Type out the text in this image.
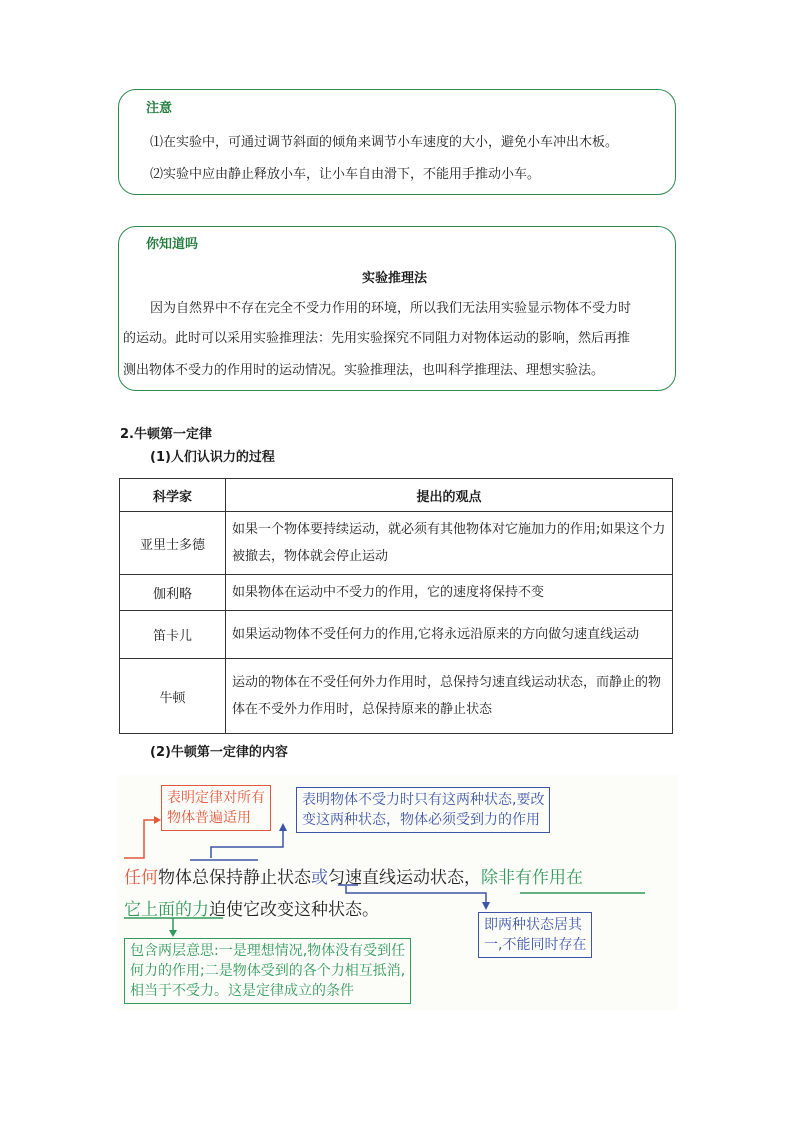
注意
⑴在实验中，可通过调节斜面的倾角来调节小车速度的大小，避免小车冲出木板。
⑵实验中应由静止释放小车，让小车自由滑下，不能用手推动小车。
你知道吗
实验推理法
因为自然界中不存在完全不受力作用的环境，所以我们无法用实验显示物体不受力时
的运动。此时可以采用实验推理法：先用实验探究不同阻力对物体运动的影响，然后再推
测出物体不受力的作用时的运动情况。实验推理法，也叫科学推理法、理想实验法。
2.牛顿第一定律
(1)人们认识力的过程
科学家	提出的观点
亚里士多德	如果一个物体要持续运动，就必须有其他物体对它施加力的作用;如果这个力被撤去，物体就会停止运动
伽利略	如果物体在运动中不受力的作用，它的速度将保持不变
笛卡儿	如果运动物体不受任何力的作用,它将永远沿原来的方向做匀速直线运动
牛顿	运动的物体在不受任何外力作用时，总保持匀速直线运动状态，而静止的物体在不受外力作用时，总保持原来的静止状态
(2)牛顿第一定律的内容
表明定律对所有
物体普遍适用
表明物体不受力时只有这两种状态,要改
变这两种状态，物体必须受到力的作用
任何物体总保持静止状态或匀速直线运动状态，除非有作用在
它上面的力迫使它改变这种状态。
即两种状态居其
一,不能同时存在
包含两层意思:一是理想情况,物体没有受到任
何力的作用;二是物体受到的各个力相互抵消,
相当于不受力。这是定律成立的条件
